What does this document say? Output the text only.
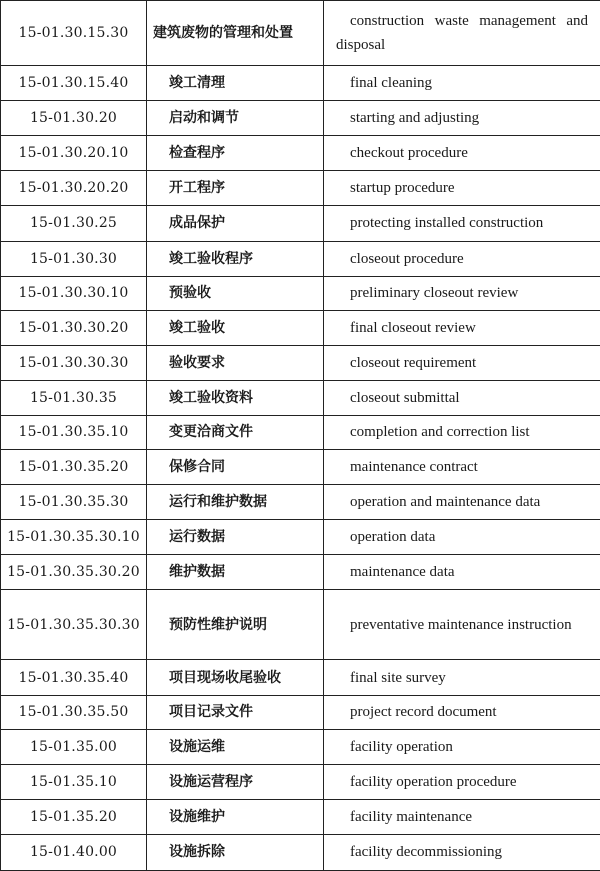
15-01.30.15.30	建筑废物的管理和处置	construction waste management and disposal
15-01.30.15.40	竣工清理	final cleaning
15-01.30.20	启动和调节	starting and adjusting
15-01.30.20.10	检查程序	checkout procedure
15-01.30.20.20	开工程序	startup procedure
15-01.30.25	成品保护	protecting installed construction
15-01.30.30	竣工验收程序	closeout procedure
15-01.30.30.10	预验收	preliminary closeout review
15-01.30.30.20	竣工验收	final closeout review
15-01.30.30.30	验收要求	closeout requirement
15-01.30.35	竣工验收资料	closeout submittal
15-01.30.35.10	变更洽商文件	completion and correction list
15-01.30.35.20	保修合同	maintenance contract
15-01.30.35.30	运行和维护数据	operation and maintenance data
15-01.30.35.30.10	运行数据	operation data
15-01.30.35.30.20	维护数据	maintenance data
15-01.30.35.30.30	预防性维护说明	preventative maintenance instruction
15-01.30.35.40	项目现场收尾验收	final site survey
15-01.30.35.50	项目记录文件	project record document
15-01.35.00	设施运维	facility operation
15-01.35.10	设施运营程序	facility operation procedure
15-01.35.20	设施维护	facility maintenance
15-01.40.00	设施拆除	facility decommissioning
